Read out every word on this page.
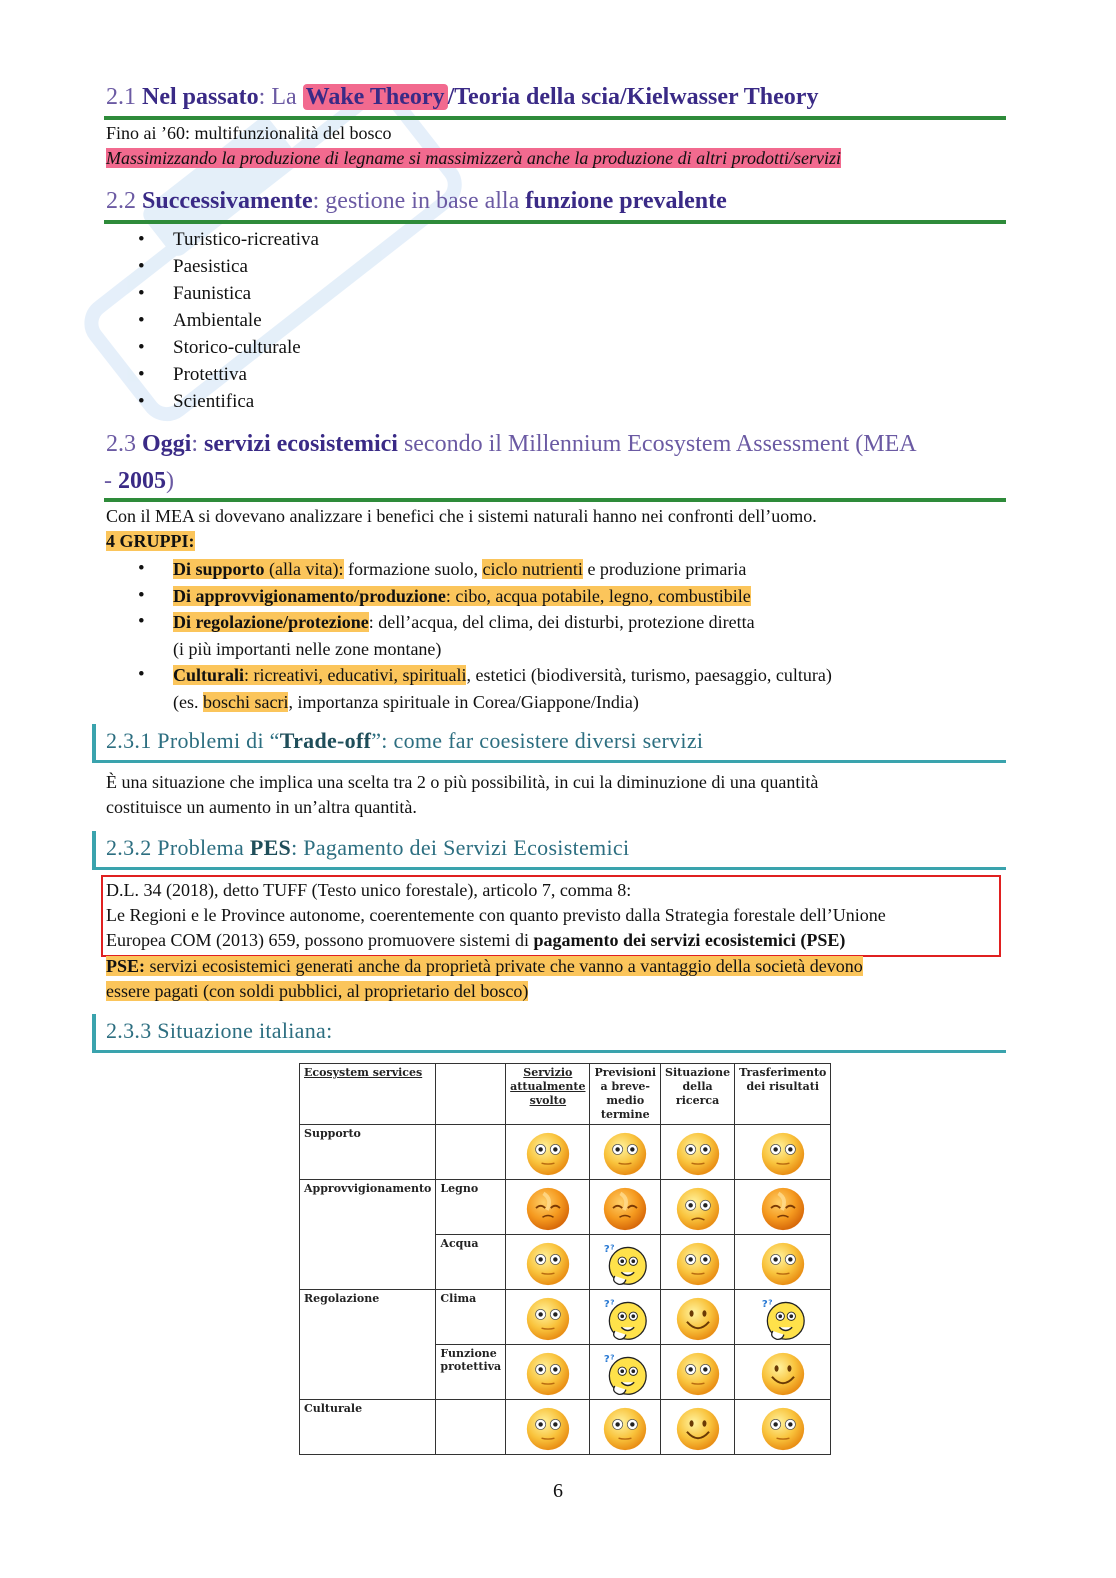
2.1 Nel passato: La Wake Theory /Teoria della scia/Kielwasser Theory
Fino ai ’60: multifunzionalità del bosco
Massimizzando la produzione di legname si massimizzerà anche la produzione di altri prodotti/servizi
2.2 Successivamente: gestione in base alla funzione prevalente
• Turistico-ricreativa
• Paesistica
• Faunistica
• Ambientale
• Storico-culturale
• Protettiva
• Scientifica
2.3 Oggi: servizi ecosistemici secondo il Millennium Ecosystem Assessment (MEA
- 2005)
Con il MEA si dovevano analizzare i benefici che i sistemi naturali hanno nei confronti dell’uomo.
4 GRUPPI:
• Di supporto (alla vita): formazione suolo, ciclo nutrienti e produzione primaria
• Di approvvigionamento/produzione: cibo, acqua potabile, legno, combustibile
• Di regolazione/protezione: dell’acqua, del clima, dei disturbi, protezione diretta
(i più importanti nelle zone montane)
• Culturali: ricreativi, educativi, spirituali, estetici (biodiversità, turismo, paesaggio, cultura)
(es. boschi sacri, importanza spirituale in Corea/Giappone/India)
2.3.1 Problemi di “Trade-off”: come far coesistere diversi servizi
È una situazione che implica una scelta tra 2 o più possibilità, in cui la diminuzione di una quantità
costituisce un aumento in un’altra quantità.
2.3.2 Problema PES: Pagamento dei Servizi Ecosistemici
D.L. 34 (2018), detto TUFF (Testo unico forestale), articolo 7, comma 8:
Le Regioni e le Province autonome, coerentemente con quanto previsto dalla Strategia forestale dell’Unione
Europea COM (2013) 659, possono promuovere sistemi di pagamento dei servizi ecosistemici (PSE)
PSE: servizi ecosistemici generati anche da proprietà private che vanno a vantaggio della società devono
essere pagati (con soldi pubblici, al proprietario del bosco)
2.3.3 Situazione italiana:
Ecosystem services		Servizio attualmente svolto	Previsioni a breve-medio termine	Situazione della ricerca	Trasferimento dei risultati
Supporto		

Approvvigionamento	Legno	

	Acqua	

Regolazione	Clima	

	Funzione protettiva	

Culturale		

6
